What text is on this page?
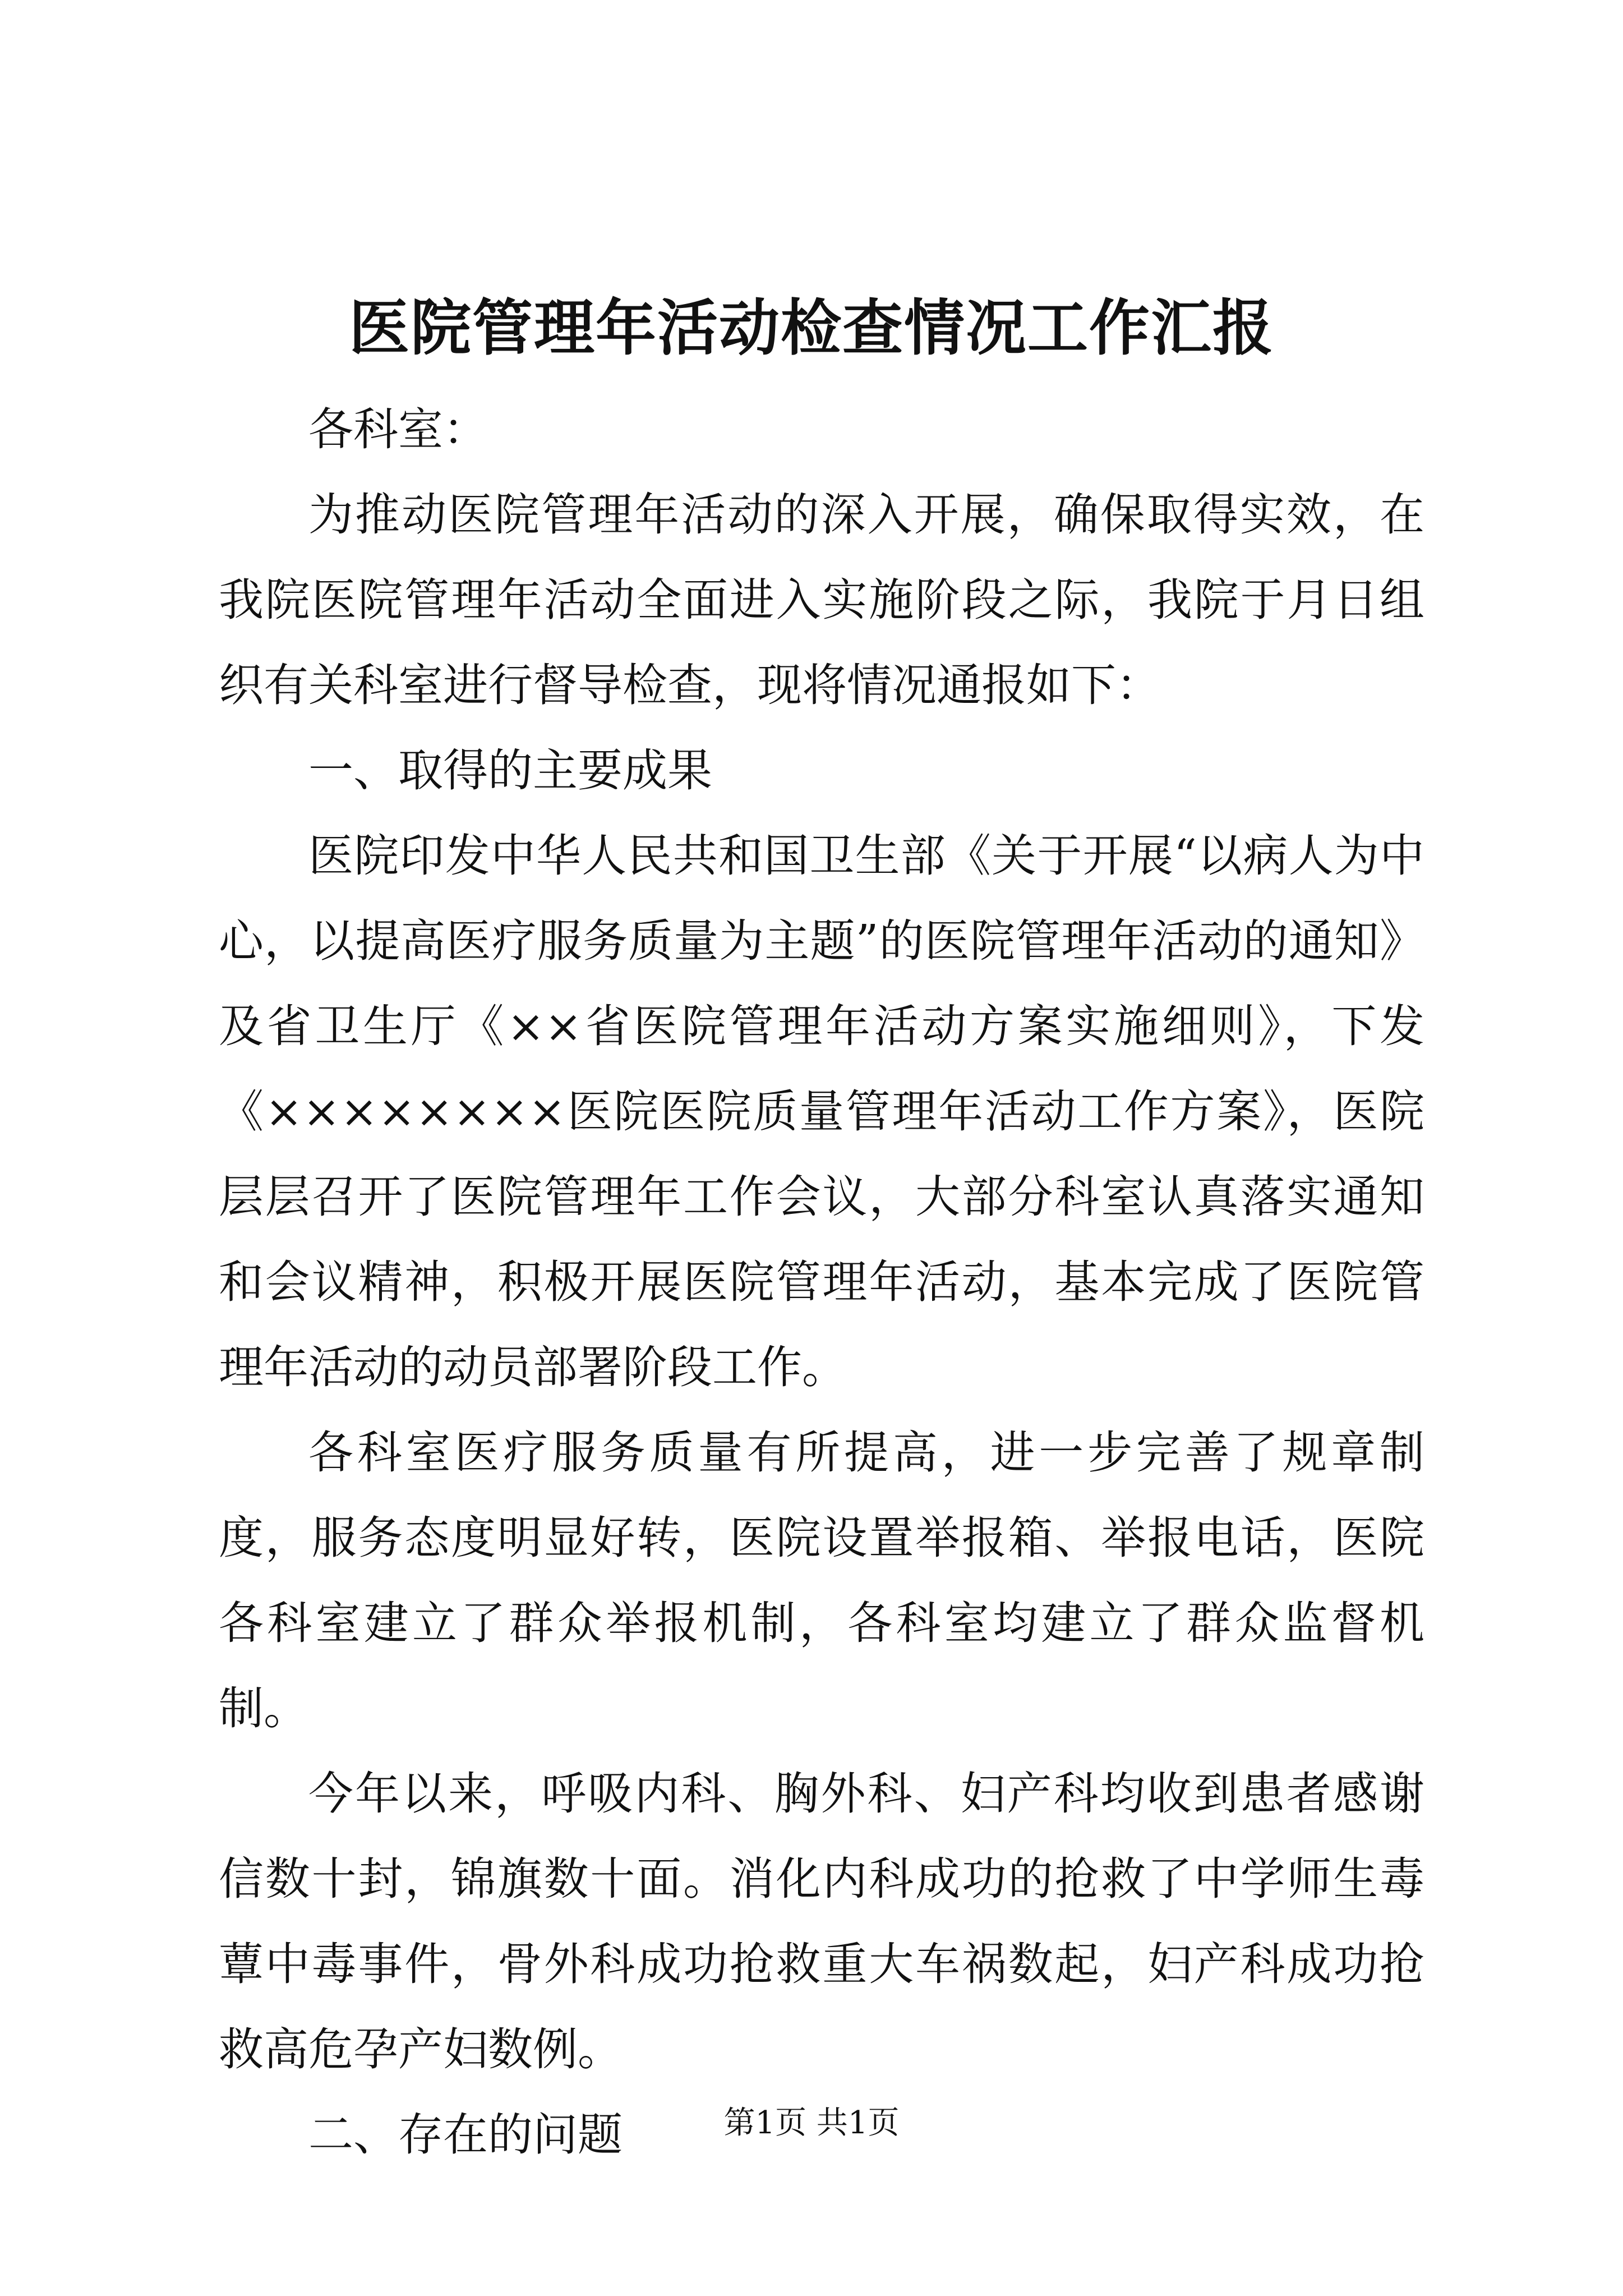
医院管理年活动检查情况工作汇报

各科室：

为推动医院管理年活动的深入开展，确保取得实效，在我院医院管理年活动全面进入实施阶段之际，我院于月日组织有关科室进行督导检查，现将情况通报如下：

一、取得的主要成果

医院印发中华人民共和国卫生部《关于开展“以病人为中心，以提高医疗服务质量为主题”的医院管理年活动的通知》及省卫生厅《××省医院管理年活动方案实施细则》，下发《××××××××医院医院质量管理年活动工作方案》，医院层层召开了医院管理年工作会议，大部分科室认真落实通知和会议精神，积极开展医院管理年活动，基本完成了医院管理年活动的动员部署阶段工作。

各科室医疗服务质量有所提高，进一步完善了规章制度，服务态度明显好转，医院设置举报箱、举报电话，医院各科室建立了群众举报机制，各科室均建立了群众监督机制。

今年以来，呼吸内科、胸外科、妇产科均收到患者感谢信数十封，锦旗数十面。消化内科成功的抢救了中学师生毒蕈中毒事件，骨外科成功抢救重大车祸数起，妇产科成功抢救高危孕产妇数例。

二、存在的问题	第1页 共1页
